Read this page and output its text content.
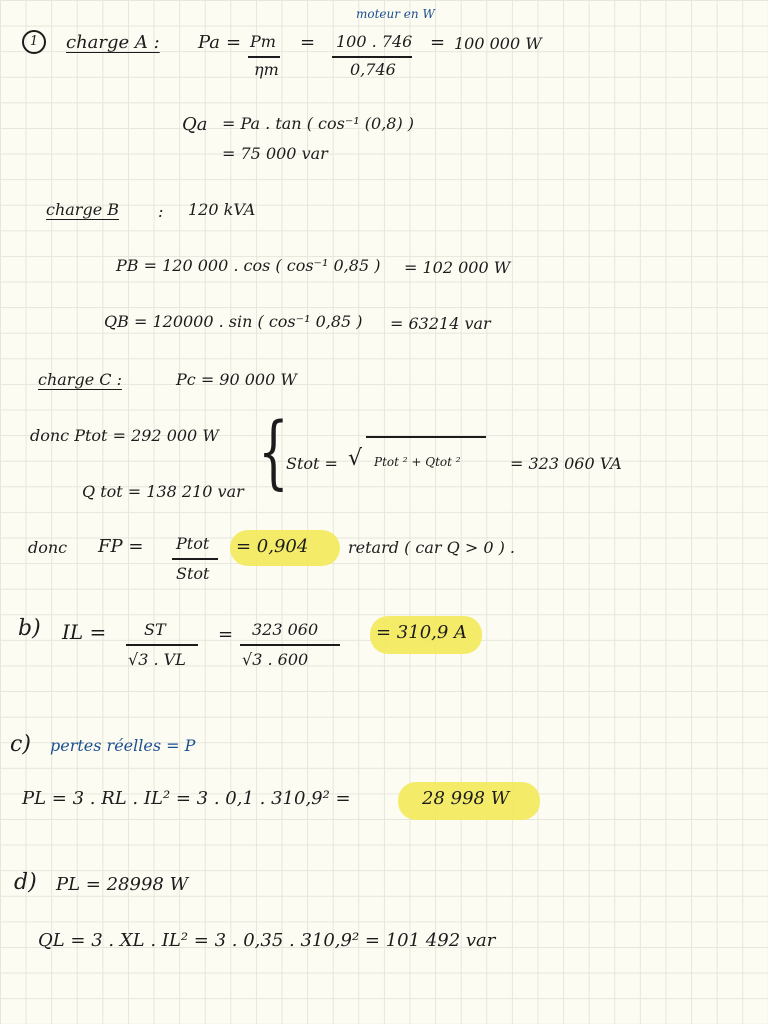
1	charge A :
moteur en W
Pa = Pm
ηm
= 100 . 746
0,746
= 100 000 W
Qa = Pa . tan ( cos⁻¹ (0,8) )
= 75 000 var
charge B : 120 kVA
PB = 120 000 . cos ( cos⁻¹ 0,85 ) = 102 000 W
QB = 120000 . sin ( cos⁻¹ 0,85 ) = 63214 var
charge C :	Pc = 90 000 W
donc Ptot = 292 000 W
Q tot = 138 210 var {
Stot = √ Ptot ² + Qtot ²	= 323 060 VA
donc FP = Ptot
Stot
= 0,904 retard ( car Q > 0 ) .
b) IL = ST
√3 . VL
= 323 060
√3 . 600
= 310,9 A
c) pertes réelles = P
PL = 3 . RL . IL² = 3 . 0,1 . 310,9² =	28 998 W
d) PL = 28998 W
QL = 3 . XL . IL² = 3 . 0,35 . 310,9² = 101 492 var
